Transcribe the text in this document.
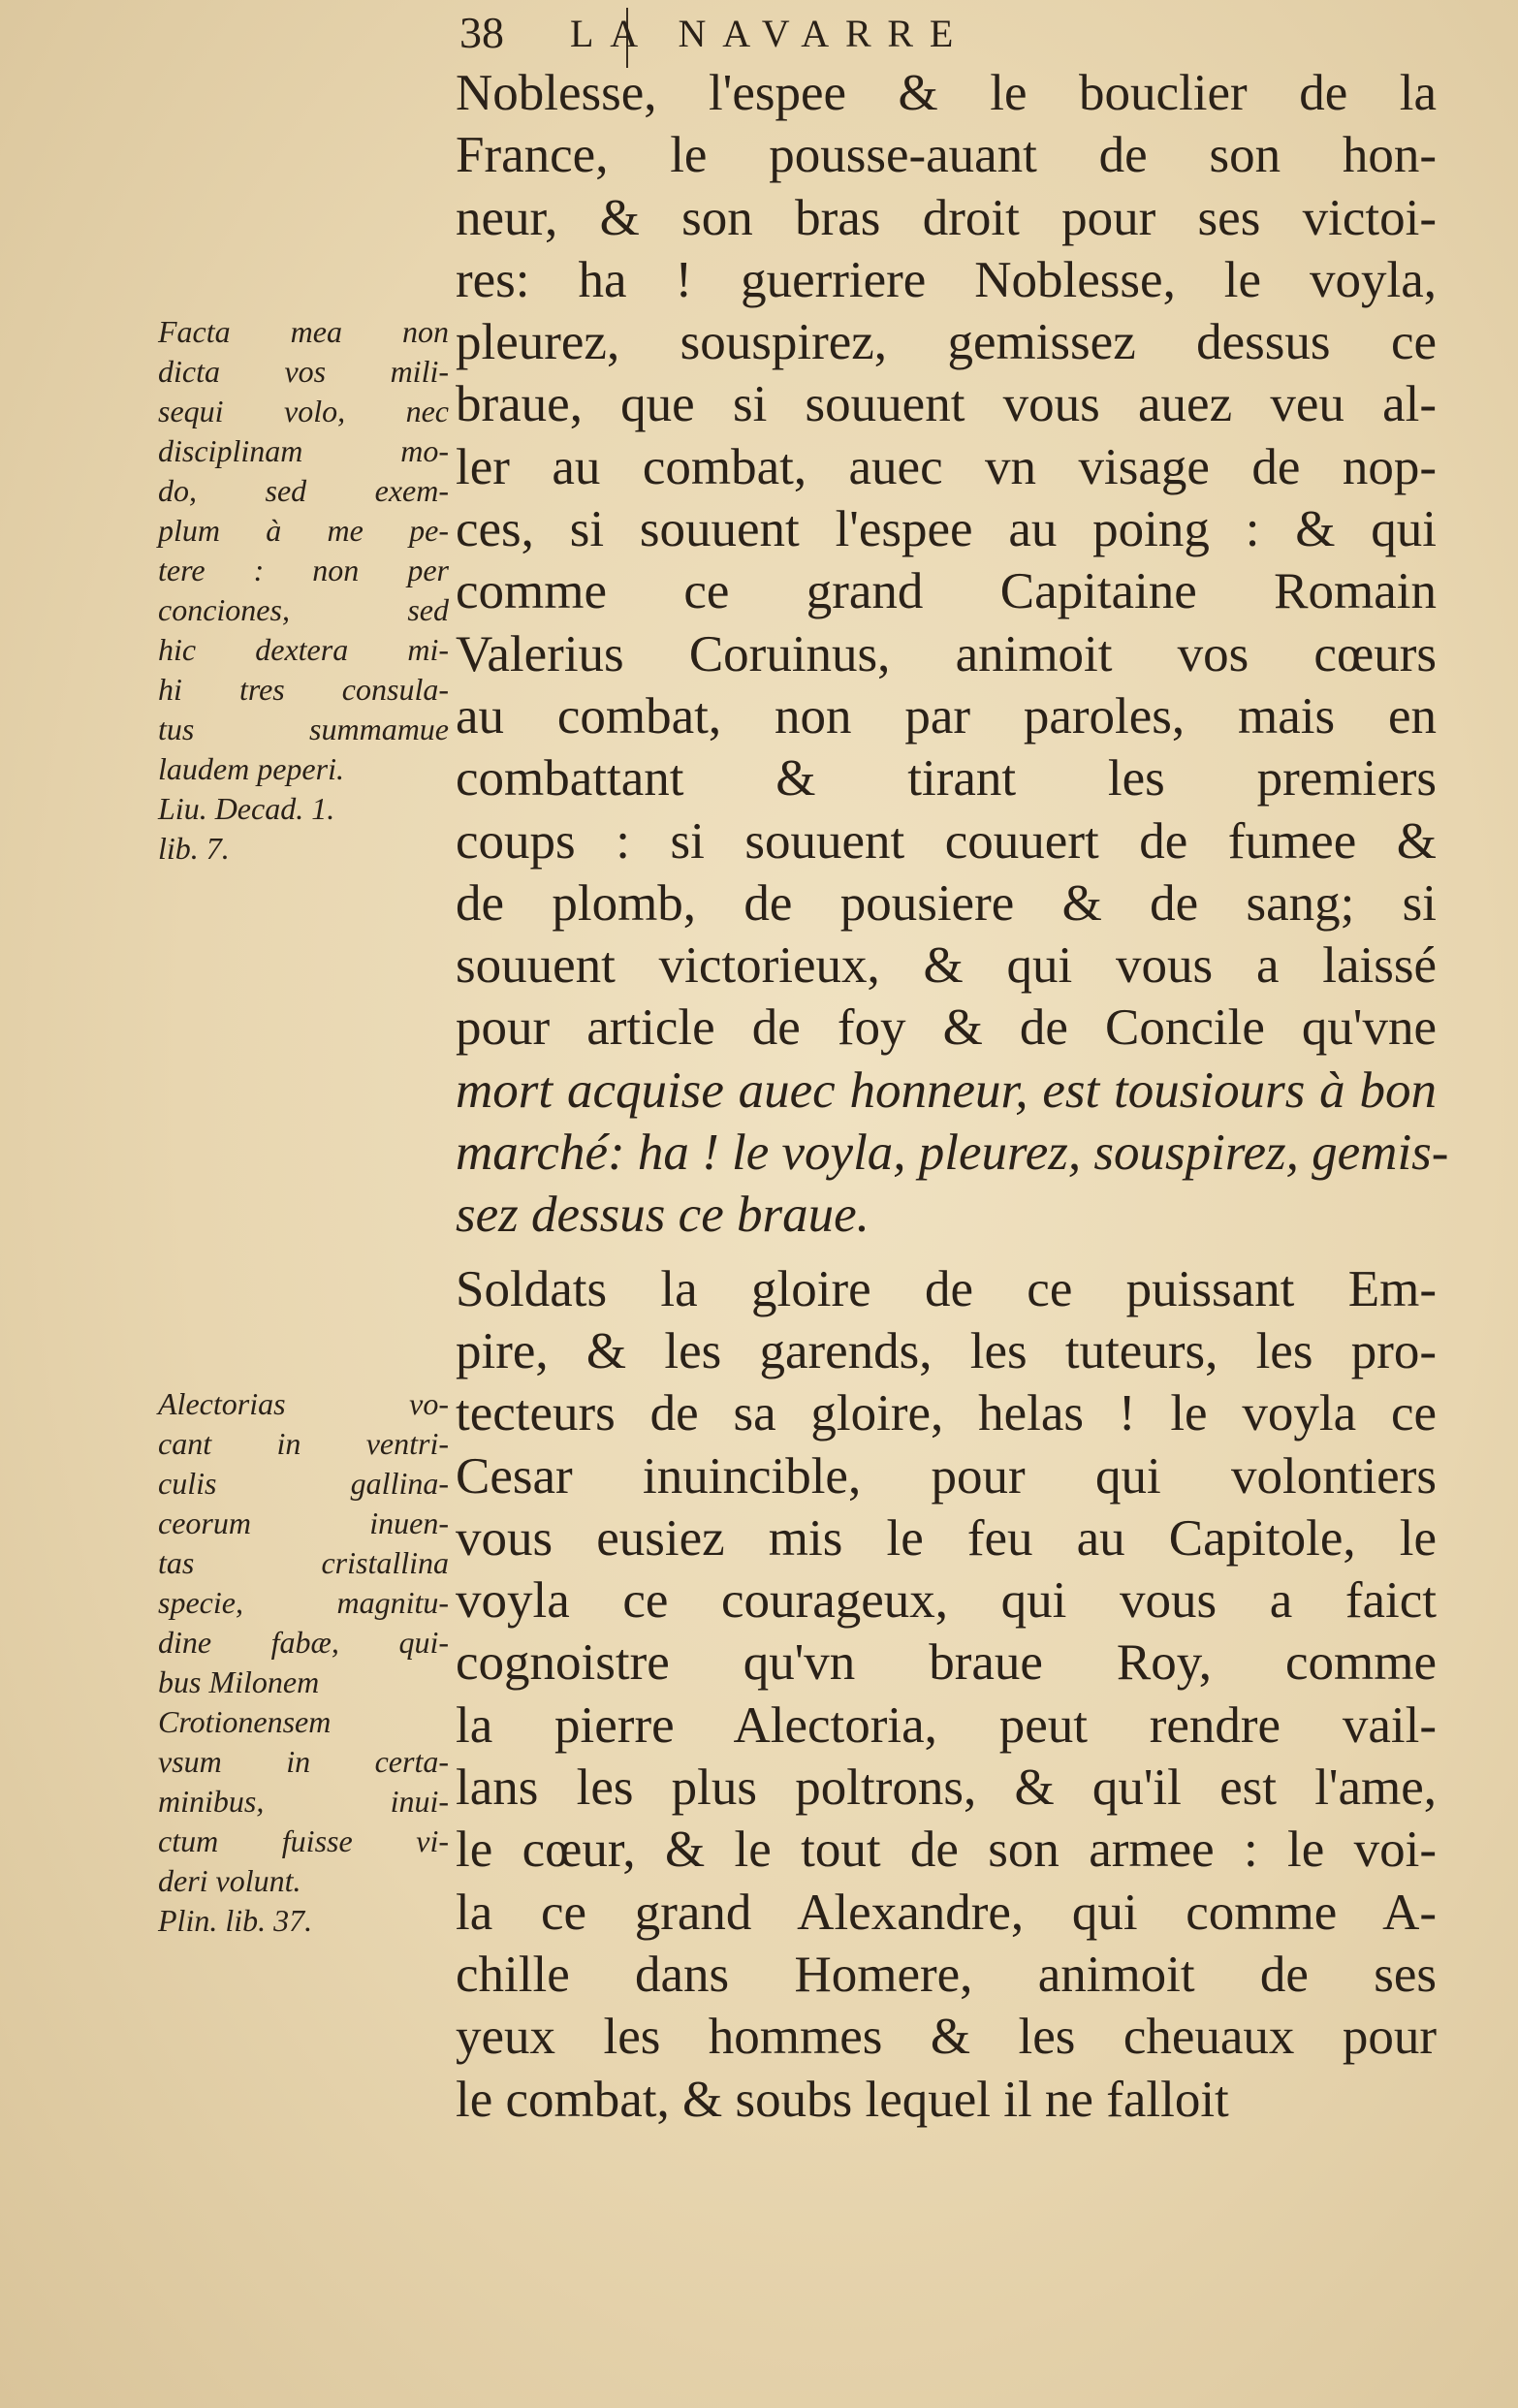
38 LA NAVARRE
Noblesse, l'espee & le bouclier de la
France, le pousse-auant de son hon-
neur, & son bras droit pour ses victoi-
res: ha ! guerriere Noblesse, le voyla,
pleurez, souspirez, gemissez dessus ce
braue, que si souuent vous auez veu al-
ler au combat, auec vn visage de nop-
ces, si souuent l'espee au poing : & qui
comme ce grand Capitaine Romain
Valerius Coruinus, animoit vos cœurs
au combat, non par paroles, mais en
combattant & tirant les premiers
coups : si souuent couuert de fumee &
de plomb, de pousiere & de sang; si
souuent victorieux, & qui vous a laissé
pour article de foy & de Concile qu'vne
mort acquise auec honneur, est tousiours à bon
marché: ha ! le voyla, pleurez, souspirez, gemis-
sez dessus ce braue.
Soldats la gloire de ce puissant Em-
pire, & les garends, les tuteurs, les pro-
tecteurs de sa gloire, helas ! le voyla ce
Cesar inuincible, pour qui volontiers
vous eusiez mis le feu au Capitole, le
voyla ce courageux, qui vous a faict
cognoistre qu'vn braue Roy, comme
la pierre Alectoria, peut rendre vail-
lans les plus poltrons, & qu'il est l'ame,
le cœur, & le tout de son armee : le voi-
la ce grand Alexandre, qui comme A-
chille dans Homere, animoit de ses
yeux les hommes & les cheuaux pour
le combat, & soubs lequel il ne falloit
Facta mea non
dicta vos mili-
sequi volo, nec
disciplinam mo-
do, sed exem-
plum à me pe-
tere : non per
conciones, sed
hic dextera mi-
hi tres consula-
tus summamue
laudem peperi.
Liu. Decad. 1.
lib. 7.
Alectorias vo-
cant in ventri-
culis gallina-
ceorum inuen-
tas cristallina
specie, magnitu-
dine fabæ, qui-
bus Milonem
Crotionensem
vsum in certa-
minibus, inui-
ctum fuisse vi-
deri volunt.
Plin. lib. 37.
